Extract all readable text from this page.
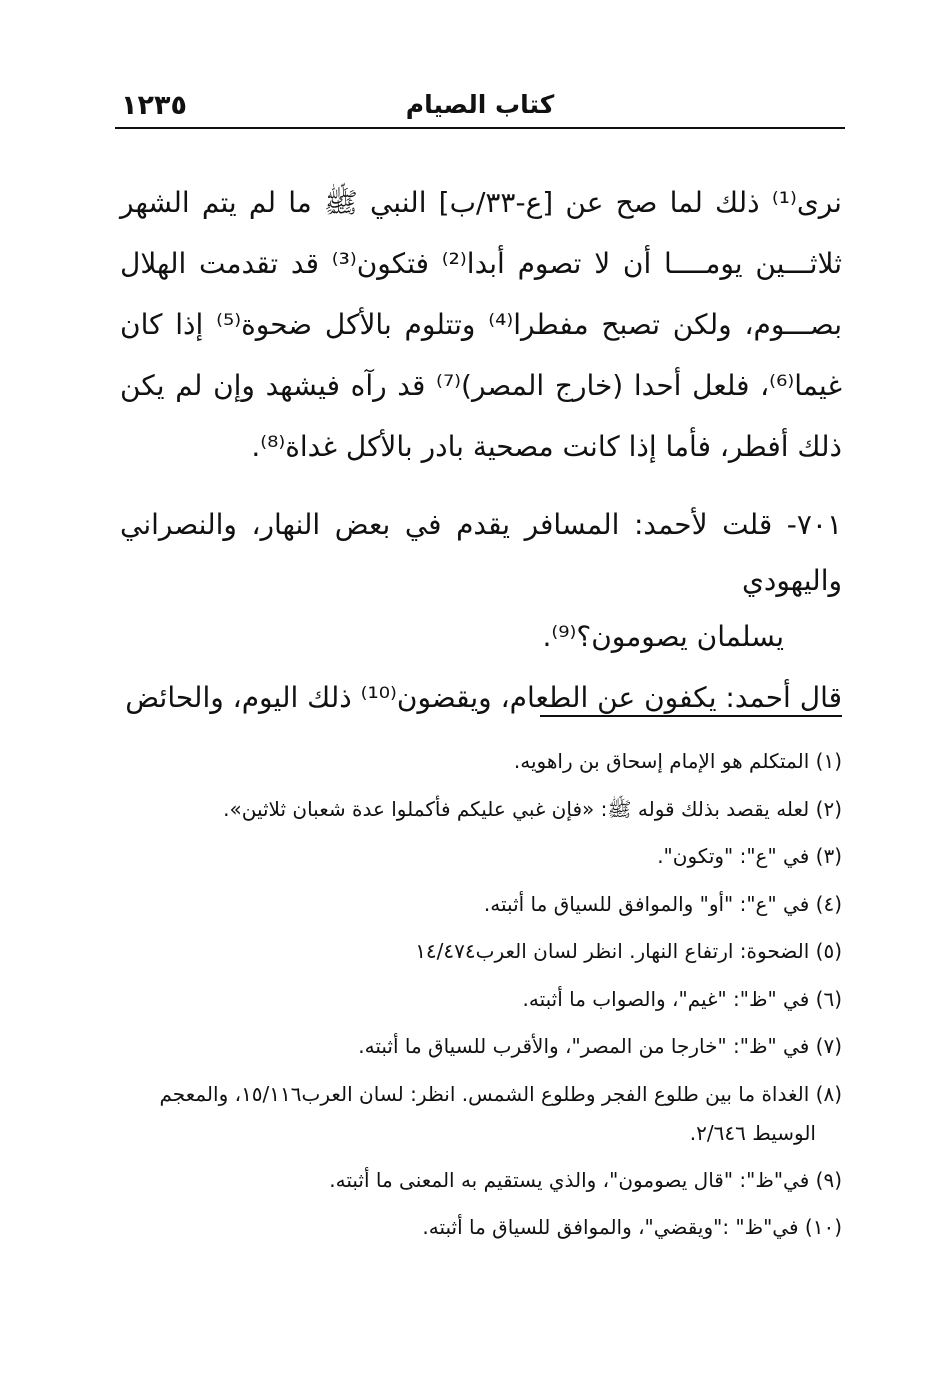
١٢٣٥	كتاب الصيام

نرى⁽¹⁾ ذلك لما صح عن [ع-٣٣/ب] النبي ﷺ ما لم يتم الشهر ثلاثـــين يومــــا أن لا تصوم أبدا⁽²⁾ فتكون⁽³⁾ قد تقدمت الهلال بصـــوم، ولكن تصبح مفطرا⁽⁴⁾ وتتلوم بالأكل ضحوة⁽⁵⁾ إذا كان غيما⁽⁶⁾، فلعل أحدا (خارج المصر)⁽⁷⁾ قد رآه فيشهد وإن لم يكن ذلك أفطر، فأما إذا كانت مصحية بادر بالأكل غداة⁽⁸⁾.

٧٠١- قلت لأحمد: المسافر يقدم في بعض النهار، والنصراني واليهودي
يسلمان يصومون؟⁽⁹⁾.

قال أحمد: يكفون عن الطعام، ويقضون⁽¹⁰⁾ ذلك اليوم، والحائض

(١) المتكلم هو الإمام إسحاق بن راهويه.

(٢) لعله يقصد بذلك قوله ﷺ: «فإن غبي عليكم فأكملوا عدة شعبان ثلاثين».

(٣) في "ع": "وتكون".

(٤) في "ع": "أو" والموافق للسياق ما أثبته.

(٥) الضحوة: ارتفاع النهار. انظر لسان العرب١٤/٤٧٤

(٦) في "ظ": "غيم"، والصواب ما أثبته.

(٧) في "ظ": "خارجا من المصر"، والأقرب للسياق ما أثبته.

(٨) الغداة ما بين طلوع الفجر وطلوع الشمس. انظر: لسان العرب١٥/١١٦، والمعجم
الوسيط ٢/٦٤٦.

(٩) في"ظ": "قال يصومون"، والذي يستقيم به المعنى ما أثبته.

(١٠) في"ظ" :"ويقضي"، والموافق للسياق ما أثبته.
